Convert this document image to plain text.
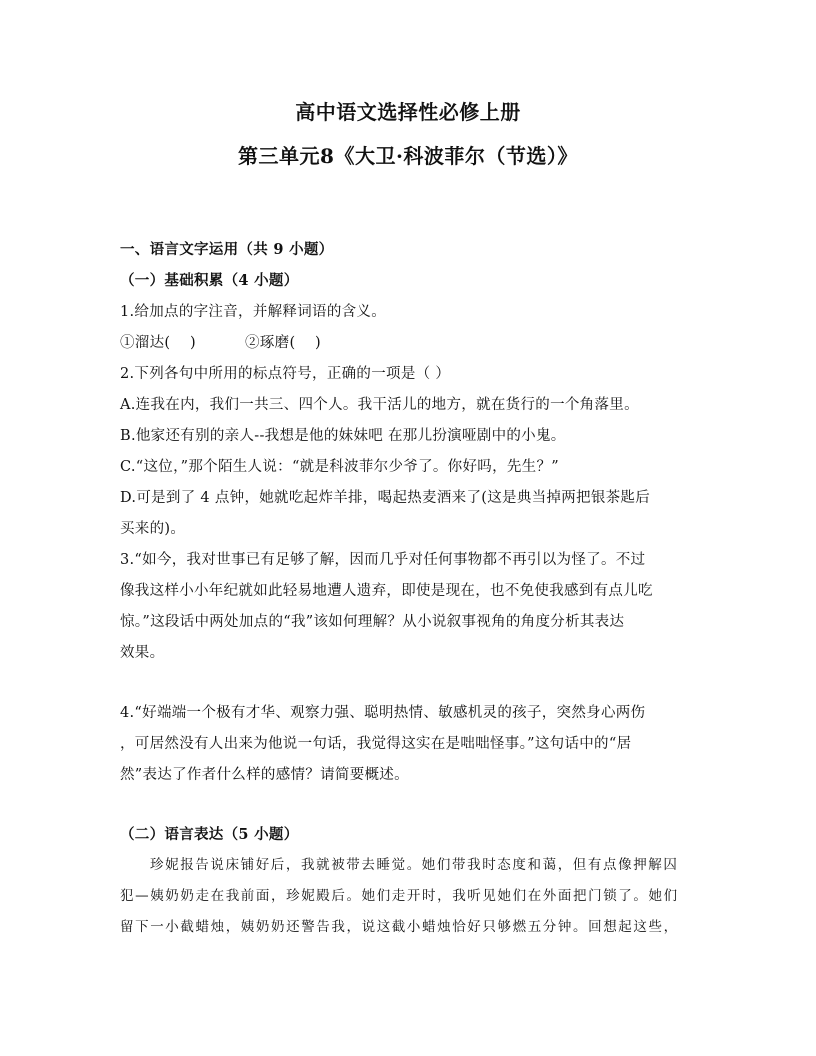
高中语文选择性必修上册
第三单元8《大卫·科波菲尔（节选）》
一、语言文字运用（共 9 小题）
（一）基础积累（4 小题）
1.给加点的字注音，并解释词语的含义。
①溜达(    )          ②琢磨(    )
2.下列各句中所用的标点符号，正确的一项是（ ）
A.连我在内，我们一共三、四个人。我干活儿的地方，就在货行的一个角落里。
B.他家还有别的亲人--我想是他的妹妹吧 在那儿扮演哑剧中的小鬼。
C.“这位，”那个陌生人说：“就是科波菲尔少爷了。你好吗，先生？”
D.可是到了 4 点钟，她就吃起炸羊排，喝起热麦酒来了(这是典当掉两把银茶匙后
买来的)。
3.“如今，我对世事已有足够了解，因而几乎对任何事物都不再引以为怪了。不过
像我这样小小年纪就如此轻易地遭人遗弃，即使是现在，也不免使我感到有点儿吃
惊。”这段话中两处加点的“我”该如何理解？从小说叙事视角的角度分析其表达
效果。
4.“好端端一个极有才华、观察力强、聪明热情、敏感机灵的孩子，突然身心两伤
，可居然没有人出来为他说一句话，我觉得这实在是咄咄怪事。”这句话中的“居
然”表达了作者什么样的感情？请简要概述。
（二）语言表达（5 小题）
珍妮报告说床铺好后，我就被带去睡觉。她们带我时态度和蔼，但有点像押解囚
犯—姨奶奶走在我前面，珍妮殿后。她们走开时，我听见她们在外面把门锁了。她们
留下一小截蜡烛，姨奶奶还警告我，说这截小蜡烛恰好只够燃五分钟。回想起这些，
